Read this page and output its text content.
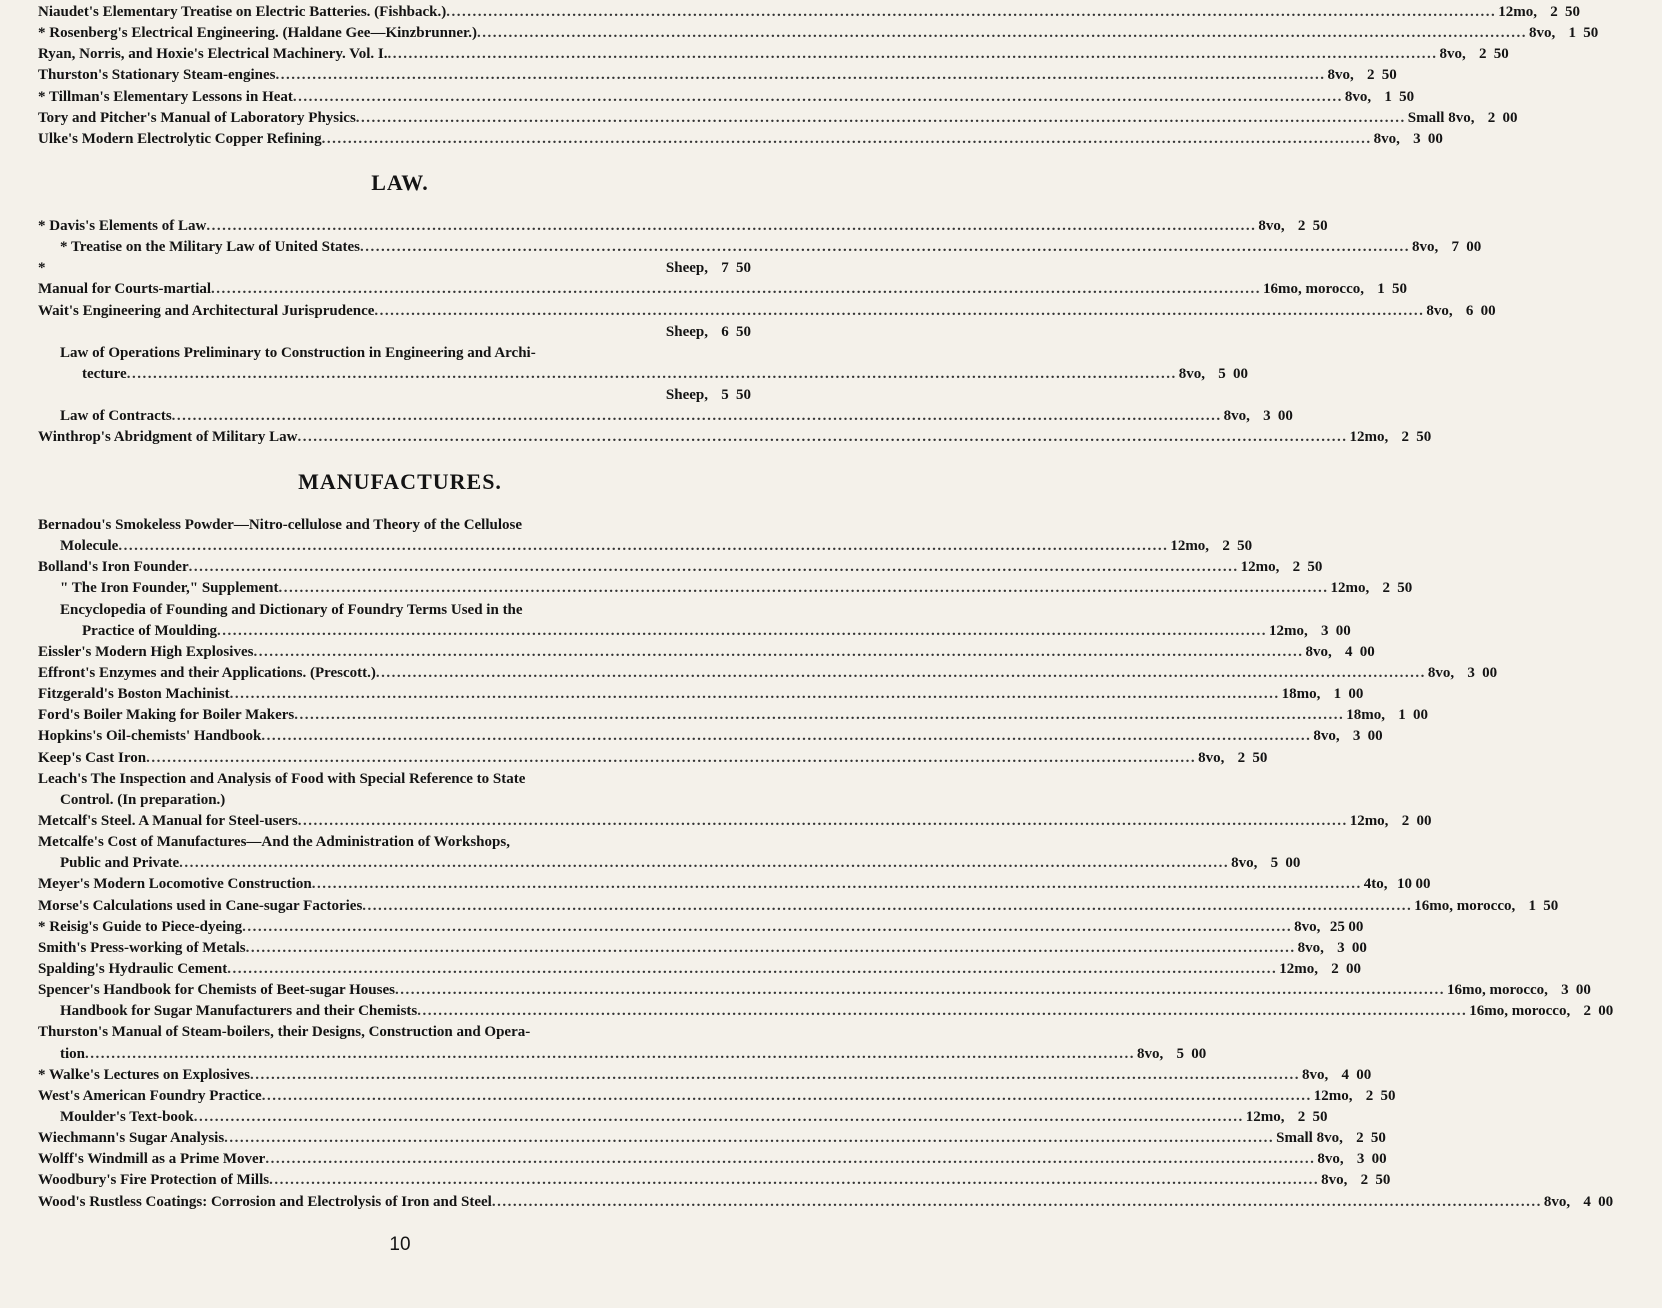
Niaudet's Elementary Treatise on Electric Batteries. (Fishback.) ........................................................................................................................................................................................................ 12mo, 2 50
* Rosenberg's Electrical Engineering. (Haldane Gee—Kinzbrunner.) ........................................................................................................................................................................................................ 8vo, 1 50
Ryan, Norris, and Hoxie's Electrical Machinery. Vol. I. ........................................................................................................................................................................................................ 8vo, 2 50
Thurston's Stationary Steam-engines ........................................................................................................................................................................................................ 8vo, 2 50
* Tillman's Elementary Lessons in Heat ........................................................................................................................................................................................................ 8vo, 1 50
Tory and Pitcher's Manual of Laboratory Physics ........................................................................................................................................................................................................ Small 8vo, 2 00
Ulke's Modern Electrolytic Copper Refining ........................................................................................................................................................................................................ 8vo, 3 00
LAW.
* Davis's Elements of Law ........................................................................................................................................................................................................ 8vo, 2 50
* Treatise on the Military Law of United States ........................................................................................................................................................................................................ 8vo, 7 00
*	Sheep, 7 50
Manual for Courts-martial ........................................................................................................................................................................................................ 16mo, morocco, 1 50
Wait's Engineering and Architectural Jurisprudence ........................................................................................................................................................................................................ 8vo, 6 00
Sheep, 6 50
Law of Operations Preliminary to Construction in Engineering and Archi-
tecture ........................................................................................................................................................................................................ 8vo, 5 00
Sheep, 5 50
Law of Contracts ........................................................................................................................................................................................................ 8vo, 3 00
Winthrop's Abridgment of Military Law ........................................................................................................................................................................................................ 12mo, 2 50
MANUFACTURES.
Bernadou's Smokeless Powder—Nitro-cellulose and Theory of the Cellulose
Molecule ........................................................................................................................................................................................................ 12mo, 2 50
Bolland's Iron Founder ........................................................................................................................................................................................................ 12mo, 2 50
" The Iron Founder," Supplement ........................................................................................................................................................................................................ 12mo, 2 50
Encyclopedia of Founding and Dictionary of Foundry Terms Used in the
Practice of Moulding ........................................................................................................................................................................................................ 12mo, 3 00
Eissler's Modern High Explosives ........................................................................................................................................................................................................ 8vo, 4 00
Effront's Enzymes and their Applications. (Prescott.) ........................................................................................................................................................................................................ 8vo, 3 00
Fitzgerald's Boston Machinist ........................................................................................................................................................................................................ 18mo, 1 00
Ford's Boiler Making for Boiler Makers ........................................................................................................................................................................................................ 18mo, 1 00
Hopkins's Oil-chemists' Handbook ........................................................................................................................................................................................................ 8vo, 3 00
Keep's Cast Iron ........................................................................................................................................................................................................ 8vo, 2 50
Leach's The Inspection and Analysis of Food with Special Reference to State
Control. (In preparation.)
Metcalf's Steel. A Manual for Steel-users ........................................................................................................................................................................................................ 12mo, 2 00
Metcalfe's Cost of Manufactures—And the Administration of Workshops,
Public and Private ........................................................................................................................................................................................................ 8vo, 5 00
Meyer's Modern Locomotive Construction ........................................................................................................................................................................................................ 4to, 10 00
Morse's Calculations used in Cane-sugar Factories ........................................................................................................................................................................................................ 16mo, morocco, 1 50
* Reisig's Guide to Piece-dyeing ........................................................................................................................................................................................................ 8vo, 25 00
Smith's Press-working of Metals ........................................................................................................................................................................................................ 8vo, 3 00
Spalding's Hydraulic Cement ........................................................................................................................................................................................................ 12mo, 2 00
Spencer's Handbook for Chemists of Beet-sugar Houses ........................................................................................................................................................................................................ 16mo, morocco, 3 00
Handbook for Sugar Manufacturers and their Chemists ........................................................................................................................................................................................................ 16mo, morocco, 2 00
Thurston's Manual of Steam-boilers, their Designs, Construction and Opera-
tion ........................................................................................................................................................................................................ 8vo, 5 00
* Walke's Lectures on Explosives ........................................................................................................................................................................................................ 8vo, 4 00
West's American Foundry Practice ........................................................................................................................................................................................................ 12mo, 2 50
Moulder's Text-book ........................................................................................................................................................................................................ 12mo, 2 50
Wiechmann's Sugar Analysis ........................................................................................................................................................................................................ Small 8vo, 2 50
Wolff's Windmill as a Prime Mover ........................................................................................................................................................................................................ 8vo, 3 00
Woodbury's Fire Protection of Mills ........................................................................................................................................................................................................ 8vo, 2 50
Wood's Rustless Coatings: Corrosion and Electrolysis of Iron and Steel ........................................................................................................................................................................................................ 8vo, 4 00
10
